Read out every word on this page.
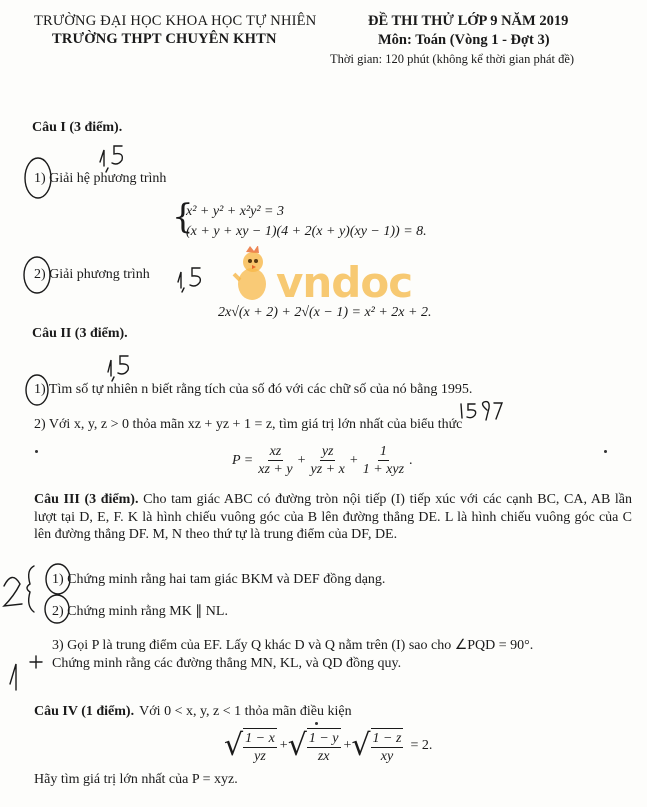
TRƯỜNG ĐẠI HỌC KHOA HỌC TỰ NHIÊN
TRƯỜNG THPT CHUYÊN KHTN
ĐỀ THI THỬ LỚP 9 NĂM 2019
Môn: Toán (Vòng 1 - Đợt 3)
Thời gian: 120 phút (không kể thời gian phát đề)
Câu I (3 điểm).
1) Giải hệ phương trình
{
x² + y² + x²y² = 3
(x + y + xy − 1)(4 + 2(x + y)(xy − 1)) = 8.
2) Giải phương trình
2x√(x + 2) + 2√(x − 1) = x² + 2x + 2.
vndoc
Câu II (3 điểm).
1) Tìm số tự nhiên n biết rằng tích của số đó với các chữ số của nó bằng 1995.
2) Với x, y, z > 0 thỏa mãn xz + yz + 1 = z, tìm giá trị lớn nhất của biểu thức
$P = \frac{xz}{xz + y} + \frac{yz}{yz + x} + \frac{1}{\text{1 + xyz}}$ .
Câu III (3 điểm). Cho tam giác ABC có đường tròn nội tiếp (I) tiếp xúc với các cạnh BC, CA, AB lần lượt tại D, E, F. K là hình chiếu vuông góc của B lên đường thẳng DE. L là hình chiếu vuông góc của C lên đường thẳng DF. M, N theo thứ tự là trung điểm của DF, DE.
1) Chứng minh rằng hai tam giác BKM và DEF đồng dạng.
2) Chứng minh rằng MK ∥ NL.
3) Gọi P là trung điểm của EF. Lấy Q khác D và Q nằm trên (I) sao cho ∠PQD = 90°.
Chứng minh rằng các đường thẳng MN, KL, và QD đồng quy.
Câu IV (1 điểm). Với 0 < x, y, z < 1 thỏa mãn điều kiện
√ $\frac{1 - x}{yz}$ + √ $\frac{1 - y}{zx}$ + √ $\frac{1 - z}{xy} = 2$.
Hãy tìm giá trị lớn nhất của P = xyz.
